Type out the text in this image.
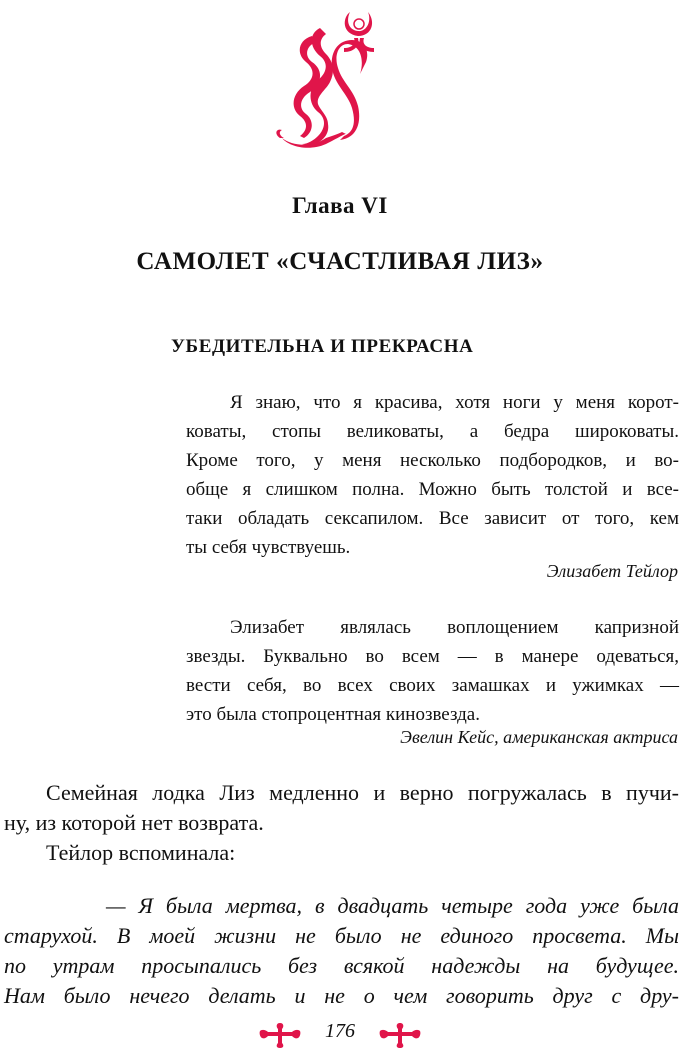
Глава VI
САМОЛЕТ «СЧАСТЛИВАЯ ЛИЗ»
УБЕДИТЕЛЬНА И ПРЕКРАСНА
Я знаю, что я красива, хотя ноги у меня корот-
коваты, стопы великоваты, а бедра широковаты.
Кроме того, у меня несколько подбородков, и во-
обще я слишком полна. Можно быть толстой и все-
таки обладать сексапилом. Все зависит от того, кем
ты себя чувствуешь.
Элизабет Тейлор
Элизабет являлась воплощением капризной
звезды. Буквально во всем — в манере одеваться,
вести себя, во всех своих замашках и ужимках —
это была стопроцентная кинозвезда.
Эвелин Кейс, американская актриса
Семейная лодка Лиз медленно и верно погружалась в пучи-
ну, из которой нет возврата.
Тейлор вспоминала:
— Я была мертва, в двадцать четыре года уже была
старухой. В моей жизни не было не единого просвета. Мы
по утрам просыпались без всякой надежды на будущее.
Нам было нечего делать и не о чем говорить друг с дру-
176
